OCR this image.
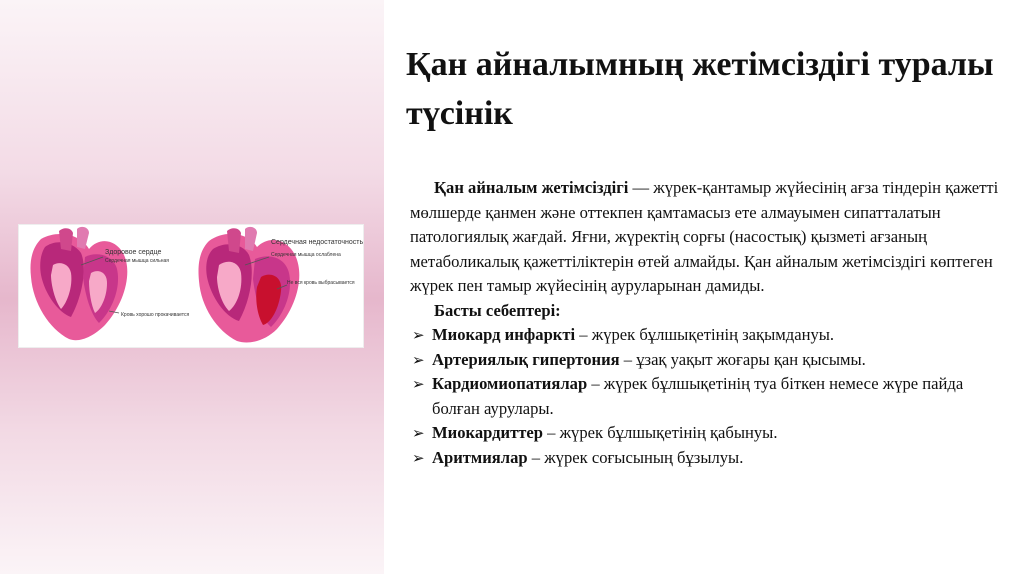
Здоровое сердце
Сердечная мышца сильная
Кровь хорошо прокачивается
Сердечная недостаточность
Сердечная мышца ослаблена
Не вся кровь выбрасывается
Қан айналымның жетімсіздігі туралы түсінік

Қан айналым жетімсіздігі — жүрек-қантамыр жүйесінің ағза тіндерін қажетті мөлшерде қанмен және оттекпен қамтамасыз ете алмауымен сипатталатын патологиялық жағдай. Яғни, жүректің сорғы (насостық) қызметі ағзаның метаболикалық қажеттіліктерін өтей алмайды. Қан айналым жетімсіздігі көптеген жүрек пен тамыр жүйесінің ауруларынан дамиды.

Басты себептері:

➢ Миокард инфаркті – жүрек бұлшықетінің зақымдануы.
➢ Артериялық гипертония – ұзақ уақыт жоғары қан қысымы.
➢ Кардиомиопатиялар – жүрек бұлшықетінің туа біткен немесе жүре пайда болған аурулары.
➢ Миокардиттер – жүрек бұлшықетінің қабынуы.
➢ Аритмиялар – жүрек соғысының бұзылуы.
